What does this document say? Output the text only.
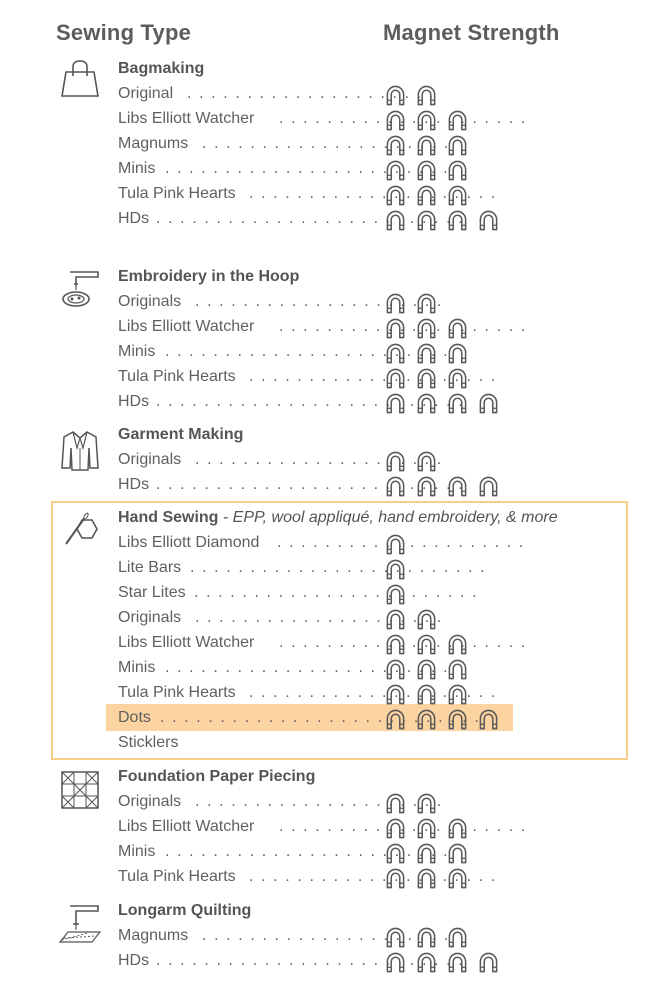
Sewing Type	Magnet Strength
Bagmaking
Original . . . . . . . . . . . . . . . . . . . . .
Libs Elliott Watcher . . . . . . . . . . . . . . . . . . . . .
Magnums . . . . . . . . . . . . . . . . . . . . .
Minis . . . . . . . . . . . . . . . . . . . . . . . .
Tula Pink Hearts . . . . . . . . . . . . . . . . . . . . .
HDs . . . . . . . . . . . . . . . . . . . . . . . . . .
Embroidery in the Hoop
Originals . . . . . . . . . . . . . . . . . . . . .
Libs Elliott Watcher . . . . . . . . . . . . . . . . . . . . .
Minis . . . . . . . . . . . . . . . . . . . . . . . .
Tula Pink Hearts . . . . . . . . . . . . . . . . . . . . .
HDs . . . . . . . . . . . . . . . . . . . . . . . . . .
Garment Making
Originals . . . . . . . . . . . . . . . . . . . . .
HDs . . . . . . . . . . . . . . . . . . . . . . . . . .
Hand Sewing - EPP, wool appliqué, hand embroidery, & more
Libs Elliott Diamond . . . . . . . . . . . . . . . . . . . . .
Lite Bars . . . . . . . . . . . . . . . . . . . . . . . . .
Star Lites . . . . . . . . . . . . . . . . . . . . . . . .
Originals . . . . . . . . . . . . . . . . . . . . .
Libs Elliott Watcher . . . . . . . . . . . . . . . . . . . . .
Minis . . . . . . . . . . . . . . . . . . . . . . . .
Tula Pink Hearts . . . . . . . . . . . . . . . . . . . . .
Dots . . . . . . . . . . . . . . . . . . . . . . . . . . .
Sticklers
Foundation Paper Piecing
Originals . . . . . . . . . . . . . . . . . . . . .
Libs Elliott Watcher . . . . . . . . . . . . . . . . . . . . .
Minis . . . . . . . . . . . . . . . . . . . . . . . .
Tula Pink Hearts . . . . . . . . . . . . . . . . . . . . .
Longarm Quilting
Magnums . . . . . . . . . . . . . . . . . . . . .
HDs . . . . . . . . . . . . . . . . . . . . . . . . . .
